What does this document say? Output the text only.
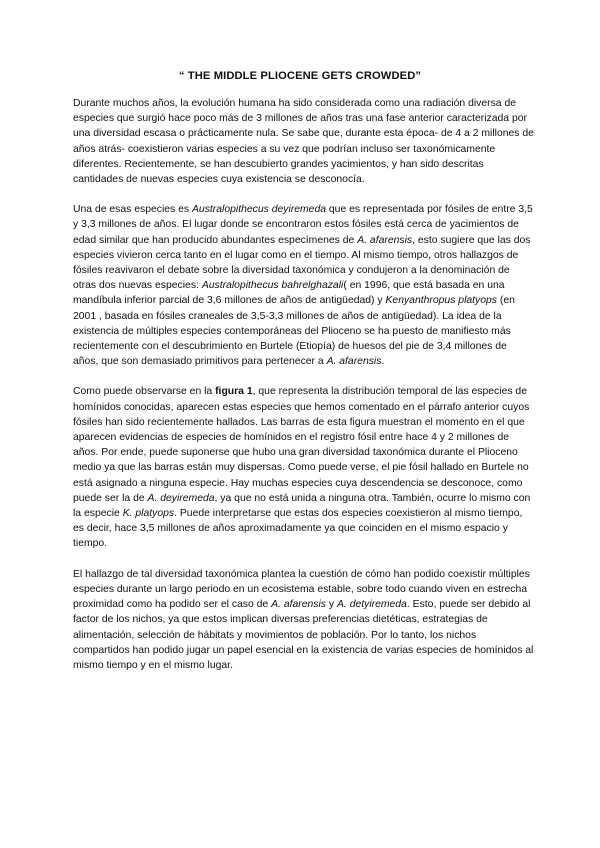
“ THE MIDDLE PLIOCENE GETS CROWDED”

Durante muchos años, la evolución humana ha sido considerada como una radiación diversa de especies que surgió hace poco más de 3 millones de años tras una fase anterior caracterizada por una diversidad escasa o prácticamente nula. Se sabe que, durante esta época- de 4 a 2 millones de años atrás- coexistieron varias especies a su vez que podrían incluso ser taxonómicamente diferentes. Recientemente, se han descubierto grandes yacimientos, y han sido descritas cantidades de nuevas especies cuya existencia se desconocía.

Una de esas especies es Australopithecus deyiremeda que es representada por fósiles de entre 3,5 y 3,3 millones de años. El lugar donde se encontraron estos fósiles está cerca de yacimientos de edad similar que han producido abundantes especímenes de A. afarensis, esto sugiere que las dos especies vivieron cerca tanto en el lugar como en el tiempo. Al mismo tiempo, otros hallazgos de fósiles reavivaron el debate sobre la diversidad taxonómica y condujeron a la denominación de otras dos nuevas especies: Australopithecus bahrelghazali( en 1996, que está basada en una mandíbula inferior parcial de 3,6 millones de años de antigüedad) y Kenyanthropus platyops (en 2001 , basada en fósiles craneales de 3,5-3,3 millones de años de antigüedad). La idea de la existencia de múltiples especies contemporáneas del Plioceno se ha puesto de manifiesto más recientemente con el descubrimiento en Burtele (Etiopía) de huesos del pie de 3,4 millones de años, que son demasiado primitivos para pertenecer a A. afarensis.

Como puede observarse en la figura 1, que representa la distribución temporal de las especies de homínidos conocidas, aparecen estas especies que hemos comentado en el párrafo anterior cuyos fósiles han sido recientemente hallados. Las barras de esta figura muestran el momento en el que aparecen evidencias de especies de homínidos en el registro fósil entre hace 4 y 2 millones de años. Por ende, puede suponerse que hubo una gran diversidad taxonómica durante el Plioceno medio ya que las barras están muy dispersas. Como puede verse, el pie fósil hallado en Burtele no está asignado a ninguna especie. Hay muchas especies cuya descendencia se desconoce, como puede ser la de A. deyiremeda, ya que no está unida a ninguna otra. También, ocurre lo mismo con la especie K. platyops. Puede interpretarse que estas dos especies coexistieron al mismo tiempo, es decir, hace 3,5 millones de años aproximadamente ya que coinciden en el mismo espacio y tiempo.

El hallazgo de tal diversidad taxonómica plantea la cuestión de cómo han podido coexistir múltiples especies durante un largo periodo en un ecosistema estable, sobre todo cuando viven en estrecha proximidad como ha podido ser el caso de A. afarensis y A. detyiremeda. Esto, puede ser debido al factor de los nichos, ya que estos implican diversas preferencias dietéticas, estrategias de alimentación, selección de hábitats y movimientos de población. Por lo tanto, los nichos compartidos han podido jugar un papel esencial en la existencia de varias especies de homínidos al mismo tiempo y en el mismo lugar.
